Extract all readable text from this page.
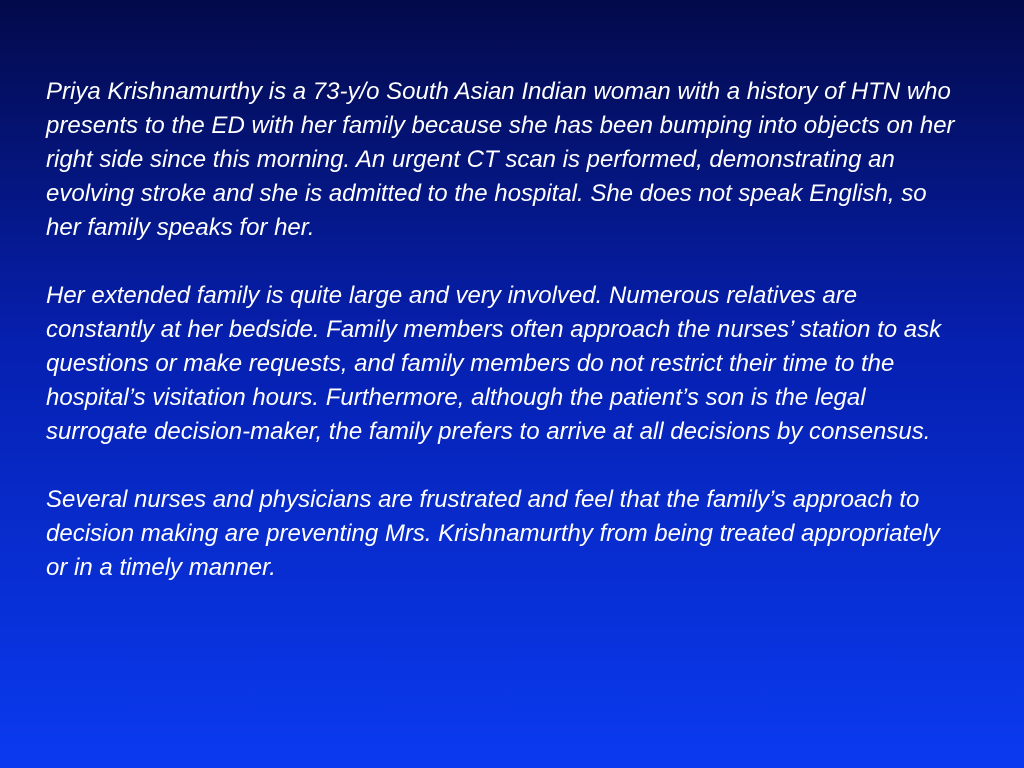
Priya Krishnamurthy is a 73-y/o South Asian Indian woman with a history of HTN who presents to the ED with her family because she has been bumping into objects on her right side since this morning. An urgent CT scan is performed, demonstrating an evolving stroke and she is admitted to the hospital. She does not speak English, so her family speaks for her.

Her extended family is quite large and very involved. Numerous relatives are constantly at her bedside. Family members often approach the nurses’ station to ask questions or make requests, and family members do not restrict their time to the hospital’s visitation hours. Furthermore, although the patient’s son is the legal surrogate decision-maker, the family prefers to arrive at all decisions by consensus.

Several nurses and physicians are frustrated and feel that the family’s approach to decision making are preventing Mrs. Krishnamurthy from being treated appropriately or in a timely manner.
